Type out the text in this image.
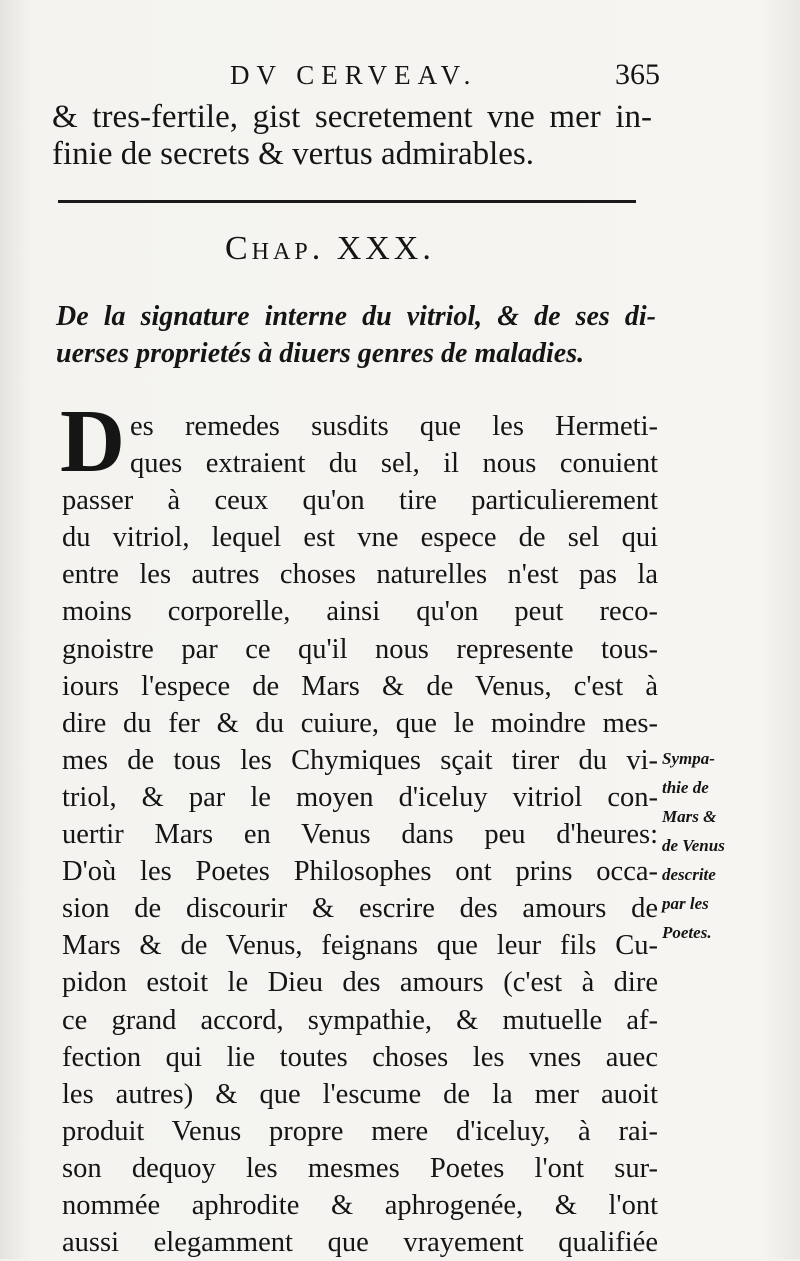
DV CERVEAV.	365
& tres-fertile, gist secretement vne mer in-
finie de secrets & vertus admirables.
Chap. XXX.
De la signature interne du vitriol, & de ses di-
uerses proprietés à diuers genres de maladies.
D es remedes susdits que les Hermeti-
ques extraient du sel, il nous conuient
passer à ceux qu'on tire particulierement
du vitriol, lequel est vne espece de sel qui
entre les autres choses naturelles n'est pas la
moins corporelle, ainsi qu'on peut reco-
gnoistre par ce qu'il nous represente tous-
iours l'espece de Mars & de Venus, c'est à
dire du fer & du cuiure, que le moindre mes-
mes de tous les Chymiques sçait tirer du vi-
triol, & par le moyen d'iceluy vitriol con-
uertir Mars en Venus dans peu d'heures:
D'où les Poetes Philosophes ont prins occa-
sion de discourir & escrire des amours de
Mars & de Venus, feignans que leur fils Cu-
pidon estoit le Dieu des amours (c'est à dire
ce grand accord, sympathie, & mutuelle af-
fection qui lie toutes choses les vnes auec
les autres) & que l'escume de la mer auoit
produit Venus propre mere d'iceluy, à rai-
son dequoy les mesmes Poetes l'ont sur-
nommée aphrodite & aphrogenée, & l'ont
aussi elegamment que vrayement qualifiée
Sympa-
thie de
Mars &
de Venus
descrite
par les
Poetes.
